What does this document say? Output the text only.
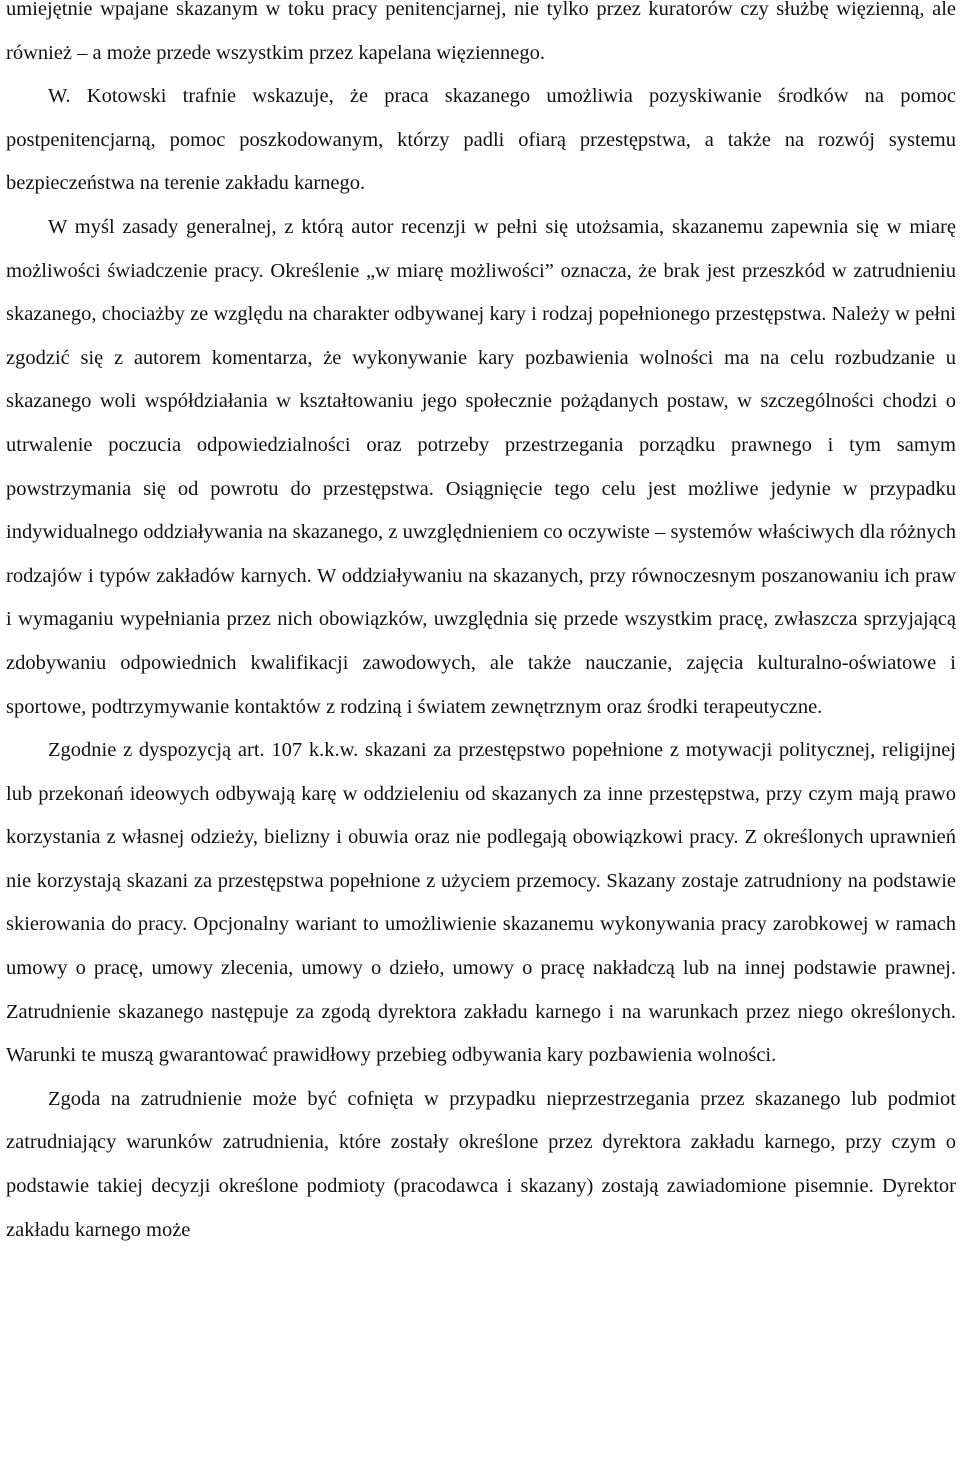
umiejętnie wpajane skazanym w toku pracy penitencjarnej, nie tylko przez kuratorów czy służbę więzienną, ale również – a może przede wszystkim przez kapelana więziennego.

W. Kotowski trafnie wskazuje, że praca skazanego umożliwia pozyskiwanie środków na pomoc postpenitencjarną, pomoc poszkodowanym, którzy padli ofiarą przestępstwa, a także na rozwój systemu bezpieczeństwa na terenie zakładu karnego.

W myśl zasady generalnej, z którą autor recenzji w pełni się utożsamia, skazanemu zapewnia się w miarę możliwości świadczenie pracy. Określenie „w miarę możliwości” oznacza, że brak jest przeszkód w zatrudnieniu skazanego, chociażby ze względu na charakter odbywanej kary i rodzaj popełnionego przestępstwa. Należy w pełni zgodzić się z autorem komentarza, że wykonywanie kary pozbawienia wolności ma na celu rozbudzanie u skazanego woli współdziałania w kształtowaniu jego społecznie pożądanych postaw, w szczególności chodzi o utrwalenie poczucia odpowiedzialności oraz potrzeby przestrzegania porządku prawnego i tym samym powstrzymania się od powrotu do przestępstwa. Osiągnięcie tego celu jest możliwe jedynie w przypadku indywidualnego oddziaływania na skazanego, z uwzględnieniem co oczywiste – systemów właściwych dla różnych rodzajów i typów zakładów karnych. W oddziaływaniu na skazanych, przy równoczesnym poszanowaniu ich praw i wymaganiu wypełniania przez nich obowiązków, uwzględnia się przede wszystkim pracę, zwłaszcza sprzyjającą zdobywaniu odpowiednich kwalifikacji zawodowych, ale także nauczanie, zajęcia kulturalno-oświatowe i sportowe, podtrzymywanie kontaktów z rodziną i światem zewnętrznym oraz środki terapeutyczne.

Zgodnie z dyspozycją art. 107 k.k.w. skazani za przestępstwo popełnione z motywacji politycznej, religijnej lub przekonań ideowych odbywają karę w oddzieleniu od skazanych za inne przestępstwa, przy czym mają prawo korzystania z własnej odzieży, bielizny i obuwia oraz nie podlegają obowiązkowi pracy. Z określonych uprawnień nie korzystają skazani za przestępstwa popełnione z użyciem przemocy. Skazany zostaje zatrudniony na podstawie skierowania do pracy. Opcjonalny wariant to umożliwienie skazanemu wykonywania pracy zarobkowej w ramach umowy o pracę, umowy zlecenia, umowy o dzieło, umowy o pracę nakładczą lub na innej podstawie prawnej. Zatrudnienie skazanego następuje za zgodą dyrektora zakładu karnego i na warunkach przez niego określonych. Warunki te muszą gwarantować prawidłowy przebieg odbywania kary pozbawienia wolności.

Zgoda na zatrudnienie może być cofnięta w przypadku nieprzestrzegania przez skazanego lub podmiot zatrudniający warunków zatrudnienia, które zostały określone przez dyrektora zakładu karnego, przy czym o podstawie takiej decyzji określone podmioty (pracodawca i skazany) zostają zawiadomione pisemnie. Dyrektor zakładu karnego może
